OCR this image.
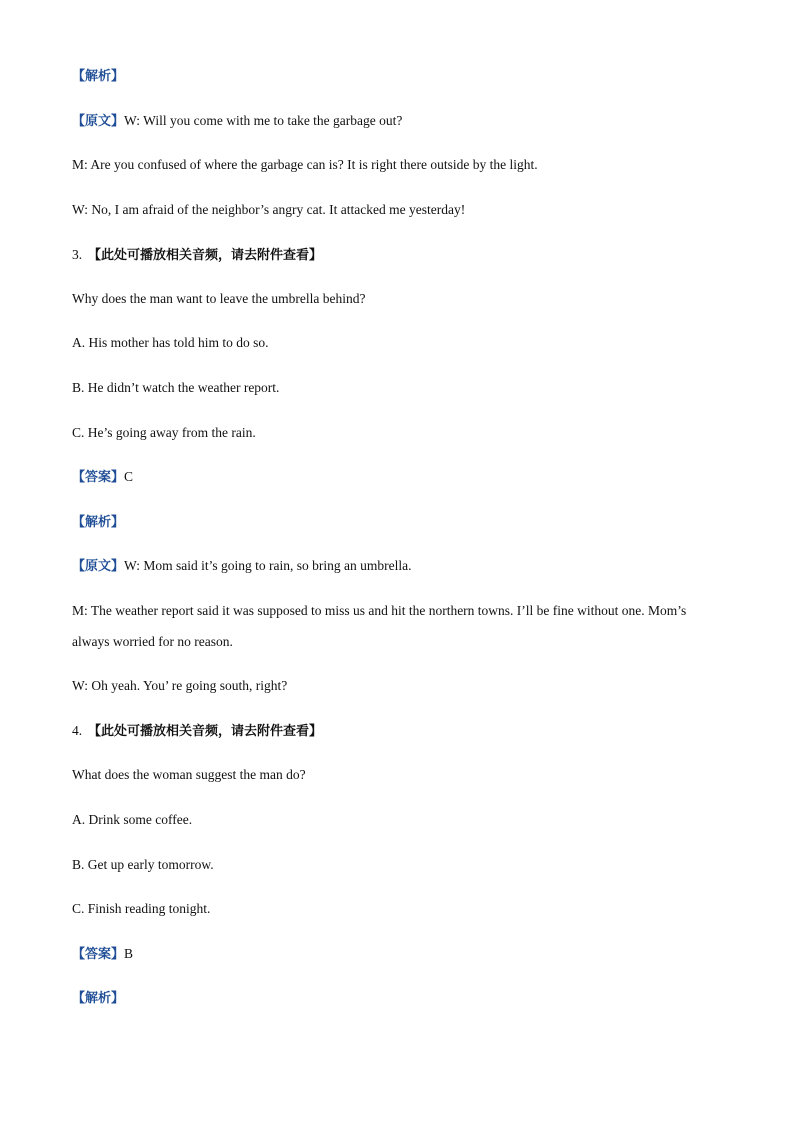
【解析】
【原文】W: Will you come with me to take the garbage out?
M: Are you confused of where the garbage can is? It is right there outside by the light.
W: No, I am afraid of the neighbor’s angry cat. It attacked me yesterday!
3. 【此处可播放相关音频，请去附件查看】
Why does the man want to leave the umbrella behind?
A. His mother has told him to do so.
B. He didn’t watch the weather report.
C. He’s going away from the rain.
【答案】C
【解析】
【原文】W: Mom said it’s going to rain, so bring an umbrella.
M: The weather report said it was supposed to miss us and hit the northern towns. I’ll be fine without one. Mom’s always worried for no reason.
W: Oh yeah. You’ re going south, right?
4. 【此处可播放相关音频，请去附件查看】
What does the woman suggest the man do?
A. Drink some coffee.
B. Get up early tomorrow.
C. Finish reading tonight.
【答案】B
【解析】
